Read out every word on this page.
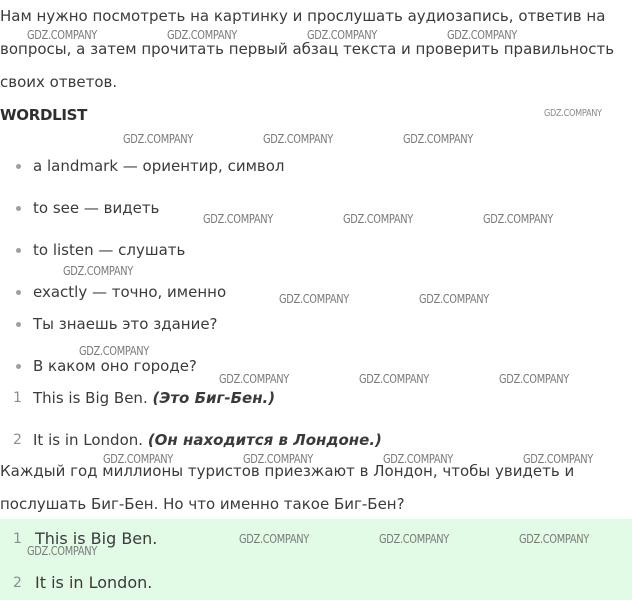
Нам нужно посмотреть на картинку и прослушать аудиозапись, ответив на

вопросы, а затем прочитать первый абзац текста и проверить правильность

своих ответов.

WORDLIST
a landmark — ориентир, символ
to see — видеть
to listen — слушать
exactly — точно, именно
Ты знаешь это здание?
В каком оно городе?
1 This is Big Ben. (Это Биг-Бен.)
2 It is in London. (Он находится в Лондоне.)

Каждый год миллионы туристов приезжают в Лондон, чтобы увидеть и

послушать Биг-Бен. Но что именно такое Биг-Бен?

1 This is Big Ben.
2 It is in London.
GDZ.COMPANY	GDZ.COMPANY	GDZ.COMPANY	GDZ.COMPANY
GDZ.COMPANY
GDZ.COMPANY	GDZ.COMPANY	GDZ.COMPANY
GDZ.COMPANY	GDZ.COMPANY	GDZ.COMPANY
GDZ.COMPANY
GDZ.COMPANY	GDZ.COMPANY
GDZ.COMPANY
GDZ.COMPANY	GDZ.COMPANY	GDZ.COMPANY
GDZ.COMPANY	GDZ.COMPANY	GDZ.COMPANY	GDZ.COMPANY
GDZ.COMPANY	GDZ.COMPANY	GDZ.COMPANY
GDZ.COMPANY
